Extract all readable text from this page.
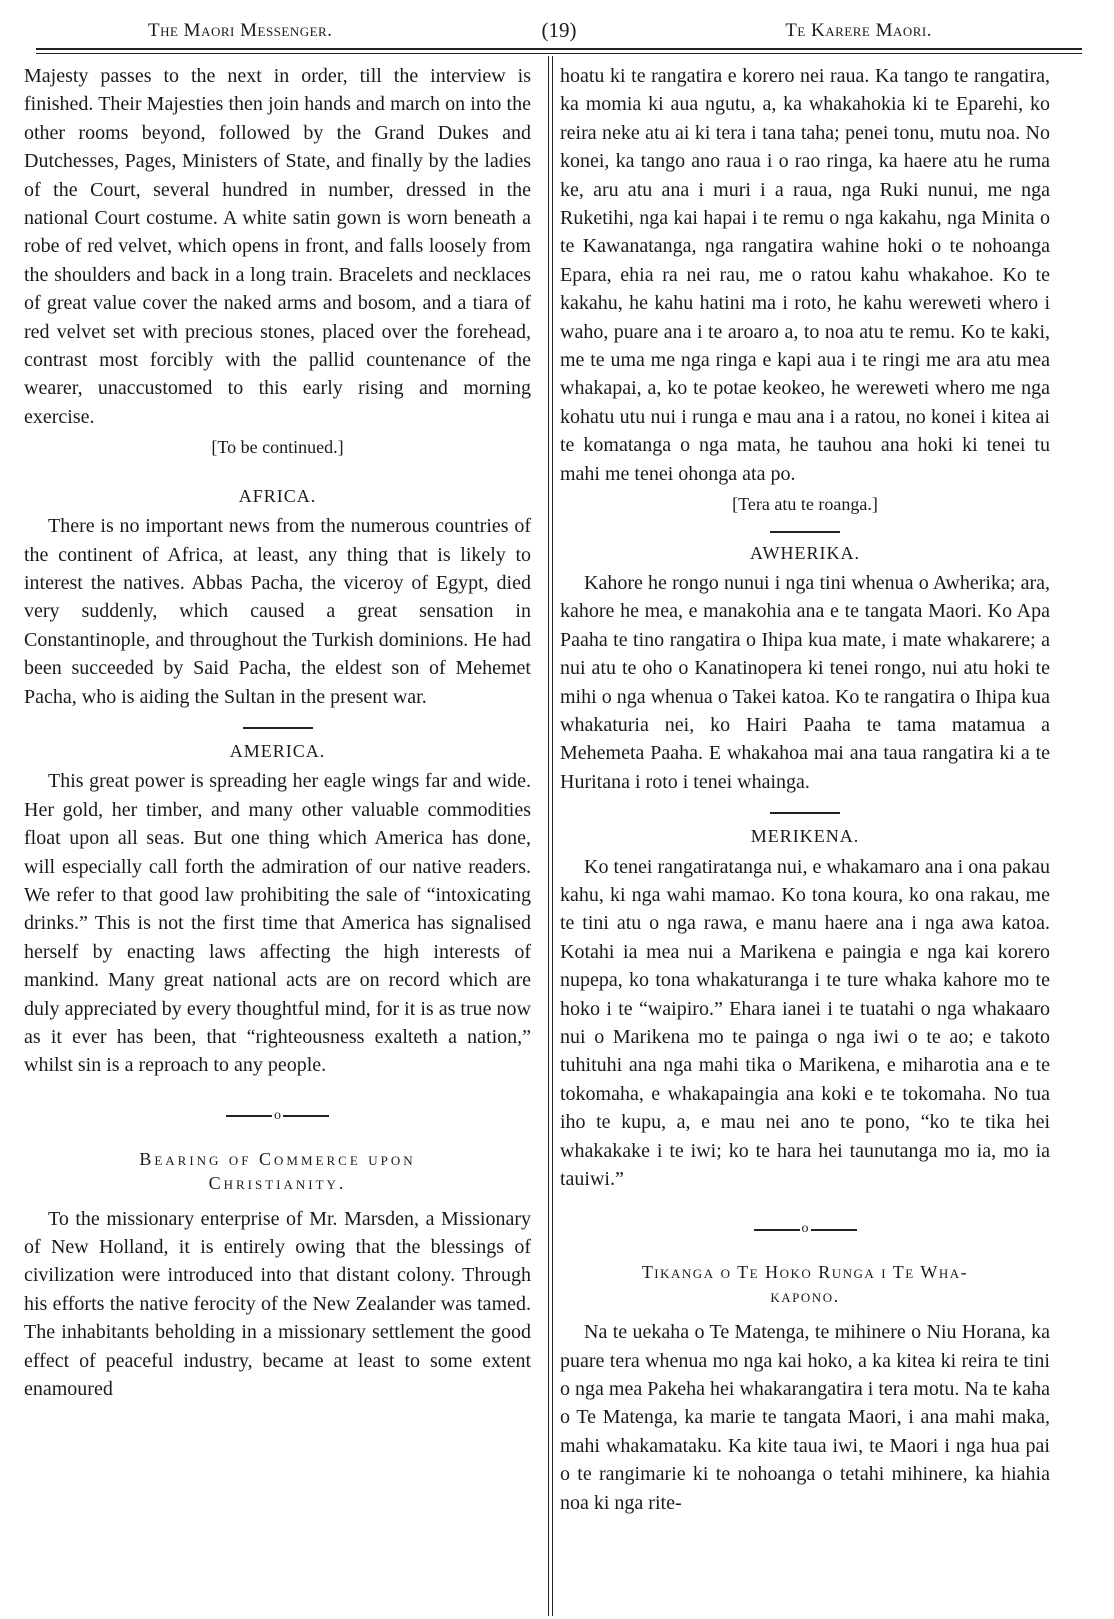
The Maori Messenger.	(19)	Te Karere Maori.

Majesty passes to the next in order, till the interview is finished. Their Majesties then join hands and march on into the other rooms beyond, followed by the Grand Dukes and Dutchesses, Pages, Ministers of State, and finally by the ladies of the Court, several hundred in number, dressed in the national Court costume. A white satin gown is worn beneath a robe of red velvet, which opens in front, and falls loosely from the shoulders and back in a long train. Bracelets and necklaces of great value cover the naked arms and bosom, and a tiara of red velvet set with precious stones, placed over the forehead, contrast most forcibly with the pallid countenance of the wearer, unaccustomed to this early rising and morning exercise.

[To be continued.]
AFRICA.

There is no important news from the numerous countries of the continent of Africa, at least, any thing that is likely to interest the natives. Abbas Pacha, the viceroy of Egypt, died very suddenly, which caused a great sensation in Constantinople, and throughout the Turkish dominions. He had been succeeded by Said Pacha, the eldest son of Mehemet Pacha, who is aiding the Sultan in the present war.

AMERICA.

This great power is spreading her eagle wings far and wide. Her gold, her timber, and many other valuable commodities float upon all seas. But one thing which America has done, will especially call forth the admiration of our native readers. We refer to that good law prohibiting the sale of “intoxicating drinks.” This is not the first time that America has signalised herself by enacting laws affecting the high interests of mankind. Many great national acts are on record which are duly appreciated by every thoughtful mind, for it is as true now as it ever has been, that “righteousness exalteth a nation,” whilst sin is a reproach to any people.

o
Bearing of Commerce upon
Christianity.

To the missionary enterprise of Mr. Marsden, a Missionary of New Holland, it is entirely owing that the blessings of civilization were introduced into that distant colony. Through his efforts the native ferocity of the New Zealander was tamed. The inhabitants beholding in a missionary settlement the good effect of peaceful industry, became at least to some extent enamoured

hoatu ki te rangatira e korero nei raua. Ka tango te rangatira, ka momia ki aua ngutu, a, ka whakahokia ki te Eparehi, ko reira neke atu ai ki tera i tana taha; penei tonu, mutu noa. No konei, ka tango ano raua i o rao ringa, ka haere atu he ruma ke, aru atu ana i muri i a raua, nga Ruki nunui, me nga Ruketihi, nga kai hapai i te remu o nga kakahu, nga Minita o te Kawanatanga, nga rangatira wahine hoki o te nohoanga Epara, ehia ra nei rau, me o ratou kahu whakahoe. Ko te kakahu, he kahu hatini ma i roto, he kahu wereweti whero i waho, puare ana i te aroaro a, to noa atu te remu. Ko te kaki, me te uma me nga ringa e kapi aua i te ringi me ara atu mea whakapai, a, ko te potae keokeo, he wereweti whero me nga kohatu utu nui i runga e mau ana i a ratou, no konei i kitea ai te komatanga o nga mata, he tauhou ana hoki ki tenei tu mahi me tenei ohonga ata po.

[Tera atu te roanga.]
AWHERIKA.

Kahore he rongo nunui i nga tini whenua o Awherika; ara, kahore he mea, e manakohia ana e te tangata Maori. Ko Apa Paaha te tino rangatira o Ihipa kua mate, i mate whakarere; a nui atu te oho o Kanatinopera ki tenei rongo, nui atu hoki te mihi o nga whenua o Takei katoa. Ko te rangatira o Ihipa kua whakaturia nei, ko Hairi Paaha te tama matamua a Mehemeta Paaha. E whakahoa mai ana taua rangatira ki a te Huritana i roto i tenei whainga.

MERIKENA.

Ko tenei rangatiratanga nui, e whakamaro ana i ona pakau kahu, ki nga wahi mamao. Ko tona koura, ko ona rakau, me te tini atu o nga rawa, e manu haere ana i nga awa katoa. Kotahi ia mea nui a Marikena e paingia e nga kai korero nupepa, ko tona whakaturanga i te ture whaka kahore mo te hoko i te “waipiro.” Ehara ianei i te tuatahi o nga whakaaro nui o Marikena mo te painga o nga iwi o te ao; e takoto tuhituhi ana nga mahi tika o Marikena, e miharotia ana e te tokomaha, e whakapaingia ana koki e te tokomaha. No tua iho te kupu, a, e mau nei ano te pono, “ko te tika hei whakakake i te iwi; ko te hara hei taunutanga mo ia, mo ia tauiwi.”

o
Tikanga o Te Hoko Runga i Te Wha-
kapono.

Na te uekaha o Te Matenga, te mihinere o Niu Horana, ka puare tera whenua mo nga kai hoko, a ka kitea ki reira te tini o nga mea Pakeha hei whakarangatira i tera motu. Na te kaha o Te Matenga, ka marie te tangata Maori, i ana mahi maka, mahi whakamataku. Ka kite taua iwi, te Maori i nga hua pai o te rangimarie ki te nohoanga o tetahi mihinere, ka hiahia noa ki nga rite-
